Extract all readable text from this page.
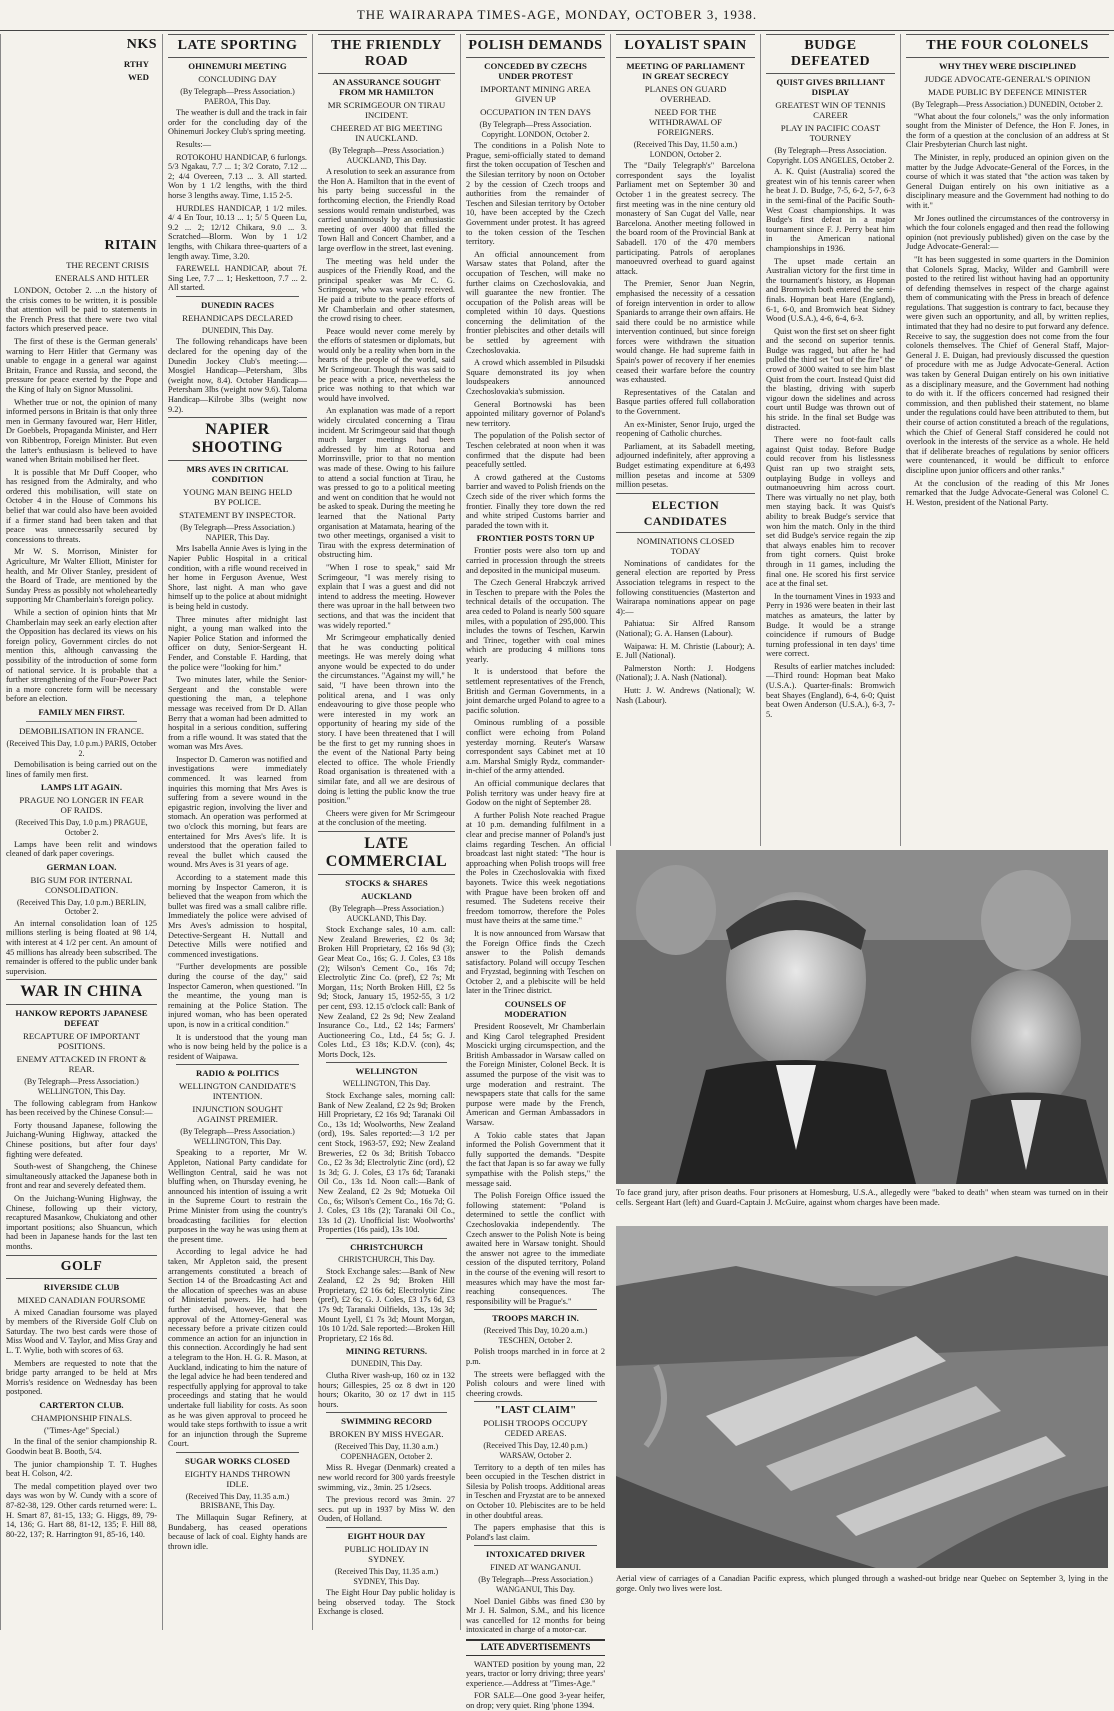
THE WAIRARAPA TIMES-AGE, MONDAY, OCTOBER 3, 1938.
NKS
RTHY
WED
RITAIN
THE RECENT CRISIS
ENERALS AND HITLER

LONDON, October 2. ...n the history of the crisis comes to be written, it is possible that attention will be paid to statements in the French Press that there were two vital factors which preserved peace.

The first of these is the German generals' warning to Herr Hitler that Germany was unable to engage in a general war against Britain, France and Russia, and second, the pressure for peace exerted by the Pope and the King of Italy on Signor Mussolini.

Whether true or not, the opinion of many informed persons in Britain is that only three men in Germany favoured war, Herr Hitler, Dr Goebbels, Propaganda Minister, and Herr von Ribbentrop, Foreign Minister. But even the latter's enthusiasm is believed to have waned when Britain mobilised her fleet.

It is possible that Mr Duff Cooper, who has resigned from the Admiralty, and who ordered this mobilisation, will state on October 4 in the House of Commons his belief that war could also have been avoided if a firmer stand had been taken and that peace was unnecessarily secured by concessions to threats.

Mr W. S. Morrison, Minister for Agriculture, Mr Walter Elliott, Minister for health, and Mr Oliver Stanley, president of the Board of Trade, are mentioned by the Sunday Press as possibly not wholeheartedly supporting Mr Chamberlain's foreign policy.

While a section of opinion hints that Mr Chamberlain may seek an early election after the Opposition has declared its views on his foreign policy, Government circles do not mention this, although canvassing the possibility of the introduction of some form of national service. It is probable that a further strengthening of the Four-Power Pact in a more concrete form will be necessary before an election.

FAMILY MEN FIRST.
DEMOBILISATION IN FRANCE.
(Received This Day, 1.0 p.m.) PARIS, October 2.

Demobilisation is being carried out on the lines of family men first.

LAMPS LIT AGAIN.
PRAGUE NO LONGER IN FEAR OF RAIDS.
(Received This Day, 1.0 p.m.) PRAGUE, October 2.

Lamps have been relit and windows cleaned of dark paper coverings.

GERMAN LOAN.
BIG SUM FOR INTERNAL CONSOLIDATION.
(Received This Day, 1.0 p.m.) BERLIN, October 2.

An internal consolidation loan of 125 millions sterling is being floated at 98 1/4, with interest at 4 1/2 per cent. An amount of 45 millions has already been subscribed. The remainder is offered to the public under bank supervision.

WAR IN CHINA
HANKOW REPORTS JAPANESE DEFEAT
RECAPTURE OF IMPORTANT POSITIONS.
ENEMY ATTACKED IN FRONT & REAR.
(By Telegraph—Press Association.) WELLINGTON, This Day.

The following cablegram from Hankow has been received by the Chinese Consul:—

Forty thousand Japanese, following the Juichang-Wuning Highway, attacked the Chinese positions, but after four days' fighting were defeated.

South-west of Shangcheng, the Chinese simultaneously attacked the Japanese both in front and rear and severely defeated them.

On the Juichang-Wuning Highway, the Chinese, following up their victory, recaptured Masankow, Chukiatong and other important positions; also Shuancun, which had been in Japanese hands for the last ten months.

GOLF
RIVERSIDE CLUB
MIXED CANADIAN FOURSOME

A mixed Canadian foursome was played by members of the Riverside Golf Club on Saturday. The two best cards were those of Miss Wood and V. Taylor, and Miss Gray and L. T. Wylie, both with scores of 63.

Members are requested to note that the bridge party arranged to be held at Mrs Morris's residence on Wednesday has been postponed.

CARTERTON CLUB.
CHAMPIONSHIP FINALS.
("Times-Age" Special.)

In the final of the senior championship R. Goodwin beat B. Booth, 5/4.

The junior championship T. T. Hughes beat H. Colson, 4/2.

The medal competition played over two days was won by W. Cundy with a score of 87-82-38, 129. Other cards returned were: L. H. Smart 87, 81-15, 133; G. Higgs, 89, 79-14, 136; G. Hart 88, 81-12, 135; F. Hill 88, 80-22, 137; R. Harrington 91, 85-16, 140.

LATE SPORTING
OHINEMURI MEETING
CONCLUDING DAY
(By Telegraph—Press Association.) PAEROA, This Day.

The weather is dull and the track in fair order for the concluding day of the Ohinemuri Jockey Club's spring meeting.

Results:—

ROTOKOHU HANDICAP, 6 furlongs. 5/3 Ngakau, 7.7 ... 1; 3/2 Corato, 7.12 ... 2; 4/4 Overeen, 7.13 ... 3. All started. Won by 1 1/2 lengths, with the third horse 3 lengths away. Time, 1.15 2-5.

HURDLES HANDICAP, 1 1/2 miles. 4/ 4 En Tour, 10.13 ... 1; 5/ 5 Queen Lu, 9.2 ... 2; 12/12 Chikara, 9.0 ... 3. Scratched—Blorm. Won by 1 1/2 lengths, with Chikara three-quarters of a length away. Time, 3.20.

FAREWELL HANDICAP, about 7f. Sing Lee, 7.7 ... 1; Heskettoon, 7.7 ... 2. All started.

DUNEDIN RACES
REHANDICAPS DECLARED
DUNEDIN, This Day.

The following rehandicaps have been declared for the opening day of the Dunedin Jockey Club's meeting:— Mosgiel Handicap—Petersham, 3lbs (weight now, 8.4). October Handicap—Petersham 3lbs (weight now 9.6). Taloma Handicap—Kilrobe 3lbs (weight now 9.2).

NAPIER SHOOTING
MRS AVES IN CRITICAL CONDITION
YOUNG MAN BEING HELD BY POLICE.
STATEMENT BY INSPECTOR.
(By Telegraph—Press Association.) NAPIER, This Day.

Mrs Isabella Annie Aves is lying in the Napier Public Hospital in a critical condition, with a rifle wound received in her home in Ferguson Avenue, West Shore, last night. A man who gave himself up to the police at about midnight is being held in custody.

Three minutes after midnight last night, a young man walked into the Napier Police Station and informed the officer on duty, Senior-Sergeant H. Fender, and Constable F. Harding, that the police were "looking for him."

Two minutes later, while the Senior-Sergeant and the constable were questioning the man, a telephone message was received from Dr D. Allan Berry that a woman had been admitted to hospital in a serious condition, suffering from a rifle wound. It was stated that the woman was Mrs Aves.

Inspector D. Cameron was notified and investigations were immediately commenced. It was learned from inquiries this morning that Mrs Aves is suffering from a severe wound in the epigastric region, involving the liver and stomach. An operation was performed at two o'clock this morning, but fears are entertained for Mrs Aves's life. It is understood that the operation failed to reveal the bullet which caused the wound. Mrs Aves is 31 years of age.

According to a statement made this morning by Inspector Cameron, it is believed that the weapon from which the bullet was fired was a small calibre rifle. Immediately the police were advised of Mrs Aves's admission to hospital, Detective-Sergeant H. Nuttall and Detective Mills were notified and commenced investigations.

"Further developments are possible during the course of the day," said Inspector Cameron, when questioned. "In the meantime, the young man is remaining at the Police Station. The injured woman, who has been operated upon, is now in a critical condition."

It is understood that the young man who is now being held by the police is a resident of Waipawa.

RADIO & POLITICS
WELLINGTON CANDIDATE'S INTENTION.
INJUNCTION SOUGHT AGAINST PREMIER.
(By Telegraph—Press Association.) WELLINGTON, This Day.

Speaking to a reporter, Mr W. Appleton, National Party candidate for Wellington Central, said he was not bluffing when, on Thursday evening, he announced his intention of issuing a writ in the Supreme Court to restrain the Prime Minister from using the country's broadcasting facilities for election purposes in the way he was using them at the present time.

According to legal advice he had taken, Mr Appleton said, the present arrangements constituted a breach of Section 14 of the Broadcasting Act and the allocation of speeches was an abuse of Ministerial powers. He had been further advised, however, that the approval of the Attorney-General was necessary before a private citizen could commence an action for an injunction in this connection. Accordingly he had sent a telegram to the Hon. H. G. R. Mason, at Auckland, indicating to him the nature of the legal advice he had been tendered and respectfully applying for approval to take proceedings and stating that he would undertake full liability for costs. As soon as he was given approval to proceed he would take steps forthwith to issue a writ for an injunction through the Supreme Court.

SUGAR WORKS CLOSED
EIGHTY HANDS THROWN IDLE.
(Received This Day, 11.35 a.m.) BRISBANE, This Day.

The Millaquin Sugar Refinery, at Bundaberg, has ceased operations because of lack of coal. Eighty hands are thrown idle.

THE FRIENDLY ROAD
AN ASSURANCE SOUGHT FROM MR HAMILTON
MR SCRIMGEOUR ON TIRAU INCIDENT.
CHEERED AT BIG MEETING IN AUCKLAND.
(By Telegraph—Press Association.) AUCKLAND, This Day.

A resolution to seek an assurance from the Hon A. Hamilton that in the event of his party being successful in the forthcoming election, the Friendly Road sessions would remain undisturbed, was carried unanimously by an enthusiastic meeting of over 4000 that filled the Town Hall and Concert Chamber, and a large overflow in the street, last evening.

The meeting was held under the auspices of the Friendly Road, and the principal speaker was Mr C. G. Scrimgeour, who was warmly received. He paid a tribute to the peace efforts of Mr Chamberlain and other statesmen, the crowd rising to cheer.

Peace would never come merely by the efforts of statesmen or diplomats, but would only be a reality when born in the hearts of the people of the world, said Mr Scrimgeour. Though this was said to be peace with a price, nevertheless the price was nothing to that which war would have involved.

An explanation was made of a report widely circulated concerning a Tirau incident. Mr Scrimgeour said that though much larger meetings had been addressed by him at Rotorua and Morrinsville, prior to that no mention was made of these. Owing to his failure to attend a social function at Tirau, he was pressed to go to a political meeting and went on condition that he would not be asked to speak. During the meeting he learned that the National Party organisation at Matamata, hearing of the two other meetings, organised a visit to Tirau with the express determination of obstructing him.

"When I rose to speak," said Mr Scrimgeour, "I was merely rising to explain that I was a guest and did not intend to address the meeting. However there was uproar in the hall between two sections, and that was the incident that was widely reported."

Mr Scrimgeour emphatically denied that he was conducting political meetings. He was merely doing what anyone would be expected to do under the circumstances. "Against my will," he said, "I have been thrown into the political arena, and I was only endeavouring to give those people who were interested in my work an opportunity of hearing my side of the story. I have been threatened that I will be the first to get my running shoes in the event of the National Party being elected to office. The whole Friendly Road organisation is threatened with a similar fate, and all we are desirous of doing is letting the public know the true position."

Cheers were given for Mr Scrimgeour at the conclusion of the meeting.

LATE COMMERCIAL
STOCKS & SHARES
AUCKLAND
(By Telegraph—Press Association.) AUCKLAND, This Day.

Stock Exchange sales, 10 a.m. call: New Zealand Breweries, £2 0s 3d; Broken Hill Proprietary, £2 16s 9d (3); Gear Meat Co., 16s; G. J. Coles, £3 18s (2); Wilson's Cement Co., 16s 7d; Electrolytic Zinc Co. (pref), £2 7s; Mt Morgan, 11s; North Broken Hill, £2 5s 9d; Stock, January 15, 1952-55, 3 1/2 per cent, £93. 12.15 o'clock call: Bank of New Zealand, £2 2s 9d; New Zealand Insurance Co., Ltd., £2 14s; Farmers' Auctioneering Co., Ltd., £4 5s; G. J. Coles Ltd., £3 18s; K.D.V. (con), 4s; Morts Dock, 12s.

WELLINGTON
WELLINGTON, This Day.

Stock Exchange sales, morning call: Bank of New Zealand, £2 2s 9d; Broken Hill Proprietary, £2 16s 9d; Taranaki Oil Co., 13s 1d; Woolworths, New Zealand (ord), 19s. Sales reported:—3 1/2 per cent Stock, 1963-57, £92; New Zealand Breweries, £2 0s 3d; British Tobacco Co., £2 3s 3d; Electrolytic Zinc (ord), £2 1s 3d; G. J. Coles, £3 17s 6d; Taranaki Oil Co., 13s 1d. Noon call:—Bank of New Zealand, £2 2s 9d; Motueka Oil Co., 6s; Wilson's Cement Co., 16s 7d; G. J. Coles, £3 18s (2); Taranaki Oil Co., 13s 1d (2). Unofficial list: Woolworths' Properties (16s paid), 13s 10d.

CHRISTCHURCH
CHRISTCHURCH, This Day.

Stock Exchange sales:—Bank of New Zealand, £2 2s 9d; Broken Hill Proprietary, £2 16s 6d; Electrolytic Zinc (pref), £2 6s; G. J. Coles, £3 17s 6d, £3 17s 9d; Taranaki Oilfields, 13s, 13s 3d; Mount Lyell, £1 7s 3d; Mount Morgan, 10s 10 1/2d. Sale reported:—Broken Hill Proprietary, £2 16s 8d.

MINING RETURNS.
DUNEDIN, This Day.

Clutha River wash-up, 160 oz in 132 hours; Gillespies, 25 oz 8 dwt in 120 hours; Okarito, 30 oz 17 dwt in 115 hours.

SWIMMING RECORD
BROKEN BY MISS HVEGAR.
(Received This Day, 11.30 a.m.) COPENHAGEN, October 2.

Miss R. Hvegar (Denmark) created a new world record for 300 yards freestyle swimming, viz., 3min. 25 1/2secs.

The previous record was 3min. 27 secs. put up in 1937 by Miss W. den Ouden, of Holland.

EIGHT HOUR DAY
PUBLIC HOLIDAY IN SYDNEY.
(Received This Day, 11.35 a.m.) SYDNEY, This Day.

The Eight Hour Day public holiday is being observed today. The Stock Exchange is closed.

POLISH DEMANDS
CONCEDED BY CZECHS UNDER PROTEST
IMPORTANT MINING AREA GIVEN UP
OCCUPATION IN TEN DAYS
(By Telegraph—Press Association. Copyright. LONDON, October 2.

The conditions in a Polish Note to Prague, semi-officially stated to demand first the token occupation of Teschen and the Silesian territory by noon on October 2 by the cession of Czech troops and authorities from the remainder of Teschen and Silesian territory by October 10, have been accepted by the Czech Government under protest. It has agreed to the token cession of the Teschen territory.

An official announcement from Warsaw states that Poland, after the occupation of Teschen, will make no further claims on Czechoslovakia, and will guarantee the new frontier. The occupation of the Polish areas will be completed within 10 days. Questions concerning the delimitation of the frontier plebiscites and other details will be settled by agreement with Czechoslovakia.

A crowd which assembled in Pilsudski Square demonstrated its joy when loudspeakers announced Czechoslovakia's submission.

General Bortnowski has been appointed military governor of Poland's new territory.

The population of the Polish sector of Teschen celebrated at noon when it was confirmed that the dispute had been peacefully settled.

A crowd gathered at the Customs barrier and waved to Polish friends on the Czech side of the river which forms the frontier. Finally they tore down the red and white striped Customs barrier and paraded the town with it.

FRONTIER POSTS TORN UP

Frontier posts were also torn up and carried in procession through the streets and deposited in the municipal museum.

The Czech General Hrabczyk arrived in Teschen to prepare with the Poles the technical details of the occupation. The area ceded to Poland is nearly 500 square miles, with a population of 295,000. This includes the towns of Teschen, Karwin and Trinec, together with coal mines which are producing 4 millions tons yearly.

It is understood that before the settlement representatives of the French, British and German Governments, in a joint demarche urged Poland to agree to a pacific solution.

Ominous rumbling of a possible conflict were echoing from Poland yesterday morning. Reuter's Warsaw correspondent says Cabinet met at 10 a.m. Marshal Smigly Rydz, commander-in-chief of the army attended.

An official communique declares that Polish territory was under heavy fire at Godow on the night of September 28.

A further Polish Note reached Prague at 10 p.m. demanding fulfilment in a clear and precise manner of Poland's just claims regarding Teschen. An official broadcast last night stated: "The hour is approaching when Polish troops will free the Poles in Czechoslovakia with fixed bayonets. Twice this week negotiations with Prague have been broken off and resumed. The Sudetens receive their freedom tomorrow, therefore the Poles must have theirs at the same time."

It is now announced from Warsaw that the Foreign Office finds the Czech answer to the Polish demands satisfactory. Poland will occupy Teschen and Fryzstad, beginning with Teschen on October 2, and a plebiscite will be held later in the Trinec district.

COUNSELS OF MODERATION

President Roosevelt, Mr Chamberlain and King Carol telegraphed President Moscicki urging circumspection, and the British Ambassador in Warsaw called on the Foreign Minister, Colonel Beck. It is assumed the purpose of the visit was to urge moderation and restraint. The newspapers state that calls for the same purpose were made by the French, American and German Ambassadors in Warsaw.

A Tokio cable states that Japan informed the Polish Government that it fully supported the demands. "Despite the fact that Japan is so far away we fully sympathise with the Polish steps," the message said.

The Polish Foreign Office issued the following statement: "Poland is determined to settle the conflict with Czechoslovakia independently. The Czech answer to the Polish Note is being awaited here in Warsaw tonight. Should the answer not agree to the immediate cession of the disputed territory, Poland in the course of the evening will resort to measures which may have the most far-reaching consequences. The responsibility will be Prague's."

TROOPS MARCH IN.
(Received This Day, 10.20 a.m.) TESCHEN, October 2.

Polish troops marched in in force at 2 p.m.

The streets were beflagged with the Polish colours and were lined with cheering crowds.

"LAST CLAIM"
POLISH TROOPS OCCUPY CEDED AREAS.
(Received This Day, 12.40 p.m.) WARSAW, October 2.

Territory to a depth of ten miles has been occupied in the Teschen district in Silesia by Polish troops. Additional areas in Teschen and Fryzstat are to be annexed on October 10. Plebiscites are to be held in other doubtful areas.

The papers emphasise that this is Poland's last claim.

INTOXICATED DRIVER
FINED AT WANGANUI.
(By Telegraph—Press Association.) WANGANUI, This Day.

Noel Daniel Gibbs was fined £30 by Mr J. H. Salmon, S.M., and his licence was cancelled for 12 months for being intoxicated in charge of a motor-car.

LATE ADVERTISEMENTS

WANTED position by young man, 22 years, tractor or lorry driving; three years' experience.—Address at "Times-Age."

FOR SALE—One good 3-year heifer, on drop; very quiet. Ring 'phone 1394.

LOYALIST SPAIN
MEETING OF PARLIAMENT IN GREAT SECRECY
PLANES ON GUARD OVERHEAD.
NEED FOR THE WITHDRAWAL OF FOREIGNERS.
(Received This Day, 11.50 a.m.) LONDON, October 2.

The "Daily Telegraph's" Barcelona correspondent says the loyalist Parliament met on September 30 and October 1 in the greatest secrecy. The first meeting was in the nine century old monastery of San Cugat del Valle, near Barcelona. Another meeting followed in the board room of the Provincial Bank at Sabadell. 170 of the 470 members participating. Patrols of aeroplanes manoeuvred overhead to guard against attack.

The Premier, Senor Juan Negrin, emphasised the necessity of a cessation of foreign intervention in order to allow Spaniards to arrange their own affairs. He said there could be no armistice while intervention continued, but since foreign forces were withdrawn the situation would change. He had supreme faith in Spain's power of recovery if her enemies ceased their warfare before the country was exhausted.

Representatives of the Catalan and Basque parties offered full collaboration to the Government.

An ex-Minister, Senor Irujo, urged the reopening of Catholic churches.

Parliament, at its Sabadell meeting, adjourned indefinitely, after approving a Budget estimating expenditure at 6,493 million pesetas and income at 5309 million pesetas.

ELECTION CANDIDATES
NOMINATIONS CLOSED TODAY

Nominations of candidates for the general election are reported by Press Association telegrams in respect to the following constituencies (Masterton and Wairarapa nominations appear on page 4):—

Pahiatua: Sir Alfred Ransom (National); G. A. Hansen (Labour).

Waipawa: H. M. Christie (Labour); A. E. Jull (National).

Palmerston North: J. Hodgens (National); J. A. Nash (National).

Hutt: J. W. Andrews (National); W. Nash (Labour).

BUDGE DEFEATED
QUIST GIVES BRILLIANT DISPLAY
GREATEST WIN OF TENNIS CAREER
PLAY IN PACIFIC COAST TOURNEY
(By Telegraph—Press Association. Copyright. LOS ANGELES, October 2.

A. K. Quist (Australia) scored the greatest win of his tennis career when he beat J. D. Budge, 7-5, 6-2, 5-7, 6-3 in the semi-final of the Pacific South-West Coast championships. It was Budge's first defeat in a major tournament since F. J. Perry beat him in the American national championships in 1936.

The upset made certain an Australian victory for the first time in the tournament's history, as Hopman and Bromwich both entered the semi-finals. Hopman beat Hare (England), 6-1, 6-0, and Bromwich beat Sidney Wood (U.S.A.), 4-6, 6-4, 6-3.

Quist won the first set on sheer fight and the second on superior tennis. Budge was ragged, but after he had pulled the third set "out of the fire" the crowd of 3000 waited to see him blast Quist from the court. Instead Quist did the blasting, driving with superb vigour down the sidelines and across court until Budge was thrown out of his stride. In the final set Budge was distracted.

There were no foot-fault calls against Quist today. Before Budge could recover from his listlessness Quist ran up two straight sets, outplaying Budge in volleys and outmanoeuvring him across court. There was virtually no net play, both men staying back. It was Quist's ability to break Budge's service that won him the match. Only in the third set did Budge's service regain the zip that always enables him to recover from tight corners. Quist broke through in 11 games, including the final one. He scored his first service ace at the final set.

In the tournament Vines in 1933 and Perry in 1936 were beaten in their last matches as amateurs, the latter by Budge. It would be a strange coincidence if rumours of Budge turning professional in ten days' time were correct.

Results of earlier matches included:—Third round: Hopman beat Mako (U.S.A.). Quarter-finals: Bromwich beat Shayes (England), 6-4, 6-0; Quist beat Owen Anderson (U.S.A.), 6-3, 7-5.

THE FOUR COLONELS
WHY THEY WERE DISCIPLINED
JUDGE ADVOCATE-GENERAL'S OPINION
MADE PUBLIC BY DEFENCE MINISTER
(By Telegraph—Press Association.) DUNEDIN, October 2.

"What about the four colonels," was the only information sought from the Minister of Defence, the Hon F. Jones, in the form of a question at the conclusion of an address at St Clair Presbyterian Church last night.

The Minister, in reply, produced an opinion given on the matter by the Judge Advocate-General of the Forces, in the course of which it was stated that "the action was taken by General Duigan entirely on his own initiative as a disciplinary measure and the Government had nothing to do with it."

Mr Jones outlined the circumstances of the controversy in which the four colonels engaged and then read the following opinion (not previously published) given on the case by the Judge Advocate-General:—

"It has been suggested in some quarters in the Dominion that Colonels Sprag, Macky, Wilder and Gambrill were posted to the retired list without having had an opportunity of defending themselves in respect of the charge against them of communicating with the Press in breach of defence regulations. That suggestion is contrary to fact, because they were given such an opportunity, and all, by written replies, intimated that they had no desire to put forward any defence. Receive to say, the suggestion does not come from the four colonels themselves. The Chief of General Staff, Major-General J. E. Duigan, had previously discussed the question of procedure with me as Judge Advocate-General. Action was taken by General Duigan entirely on his own initiative as a disciplinary measure, and the Government had nothing to do with it. If the officers concerned had resigned their commission, and then published their statement, no blame under the regulations could have been attributed to them, but their course of action constituted a breach of the regulations, which the Chief of General Staff considered he could not overlook in the interests of the service as a whole. He held that if deliberate breaches of regulations by senior officers were countenanced, it would be difficult to enforce discipline upon junior officers and other ranks."

At the conclusion of the reading of this Mr Jones remarked that the Judge Advocate-General was Colonel C. H. Weston, president of the National Party.

To face grand jury, after prison deaths. Four prisoners at Homesburg, U.S.A., allegedly were "baked to death" when steam was turned on in their cells. Sergeant Hart (left) and Guard-Captain J. McGuire, against whom charges have been made.
Aerial view of carriages of a Canadian Pacific express, which plunged through a washed-out bridge near Quebec on September 3, lying in the gorge. Only two lives were lost.
